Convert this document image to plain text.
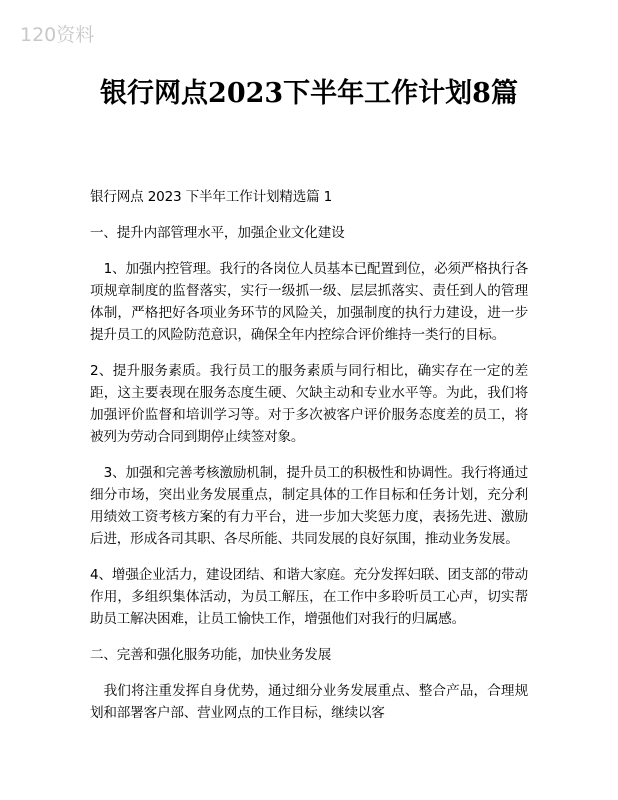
120资料
银行网点2023下半年工作计划8篇

银行网点 2023 下半年工作计划精选篇 1

一、提升内部管理水平，加强企业文化建设

1、加强内控管理。我行的各岗位人员基本已配置到位，必须严格执行各项规章制度的监督落实，实行一级抓一级、层层抓落实、责任到人的管理体制，严格把好各项业务环节的风险关，加强制度的执行力建设，进一步提升员工的风险防范意识，确保全年内控综合评价维持一类行的目标。

2、提升服务素质。我行员工的服务素质与同行相比，确实存在一定的差距，这主要表现在服务态度生硬、欠缺主动和专业水平等。为此，我们将加强评价监督和培训学习等。对于多次被客户评价服务态度差的员工，将被列为劳动合同到期停止续签对象。

3、加强和完善考核激励机制，提升员工的积极性和协调性。我行将通过细分市场，突出业务发展重点，制定具体的工作目标和任务计划，充分利用绩效工资考核方案的有力平台，进一步加大奖惩力度，表扬先进、激励后进，形成各司其职、各尽所能、共同发展的良好氛围，推动业务发展。

4、增强企业活力，建设团结、和谐大家庭。充分发挥妇联、团支部的带动作用，多组织集体活动，为员工解压，在工作中多聆听员工心声，切实帮助员工解决困难，让员工愉快工作，增强他们对我行的归属感。

二、完善和强化服务功能，加快业务发展

我们将注重发挥自身优势，通过细分业务发展重点、整合产品，合理规划和部署客户部、营业网点的工作目标，继续以客
